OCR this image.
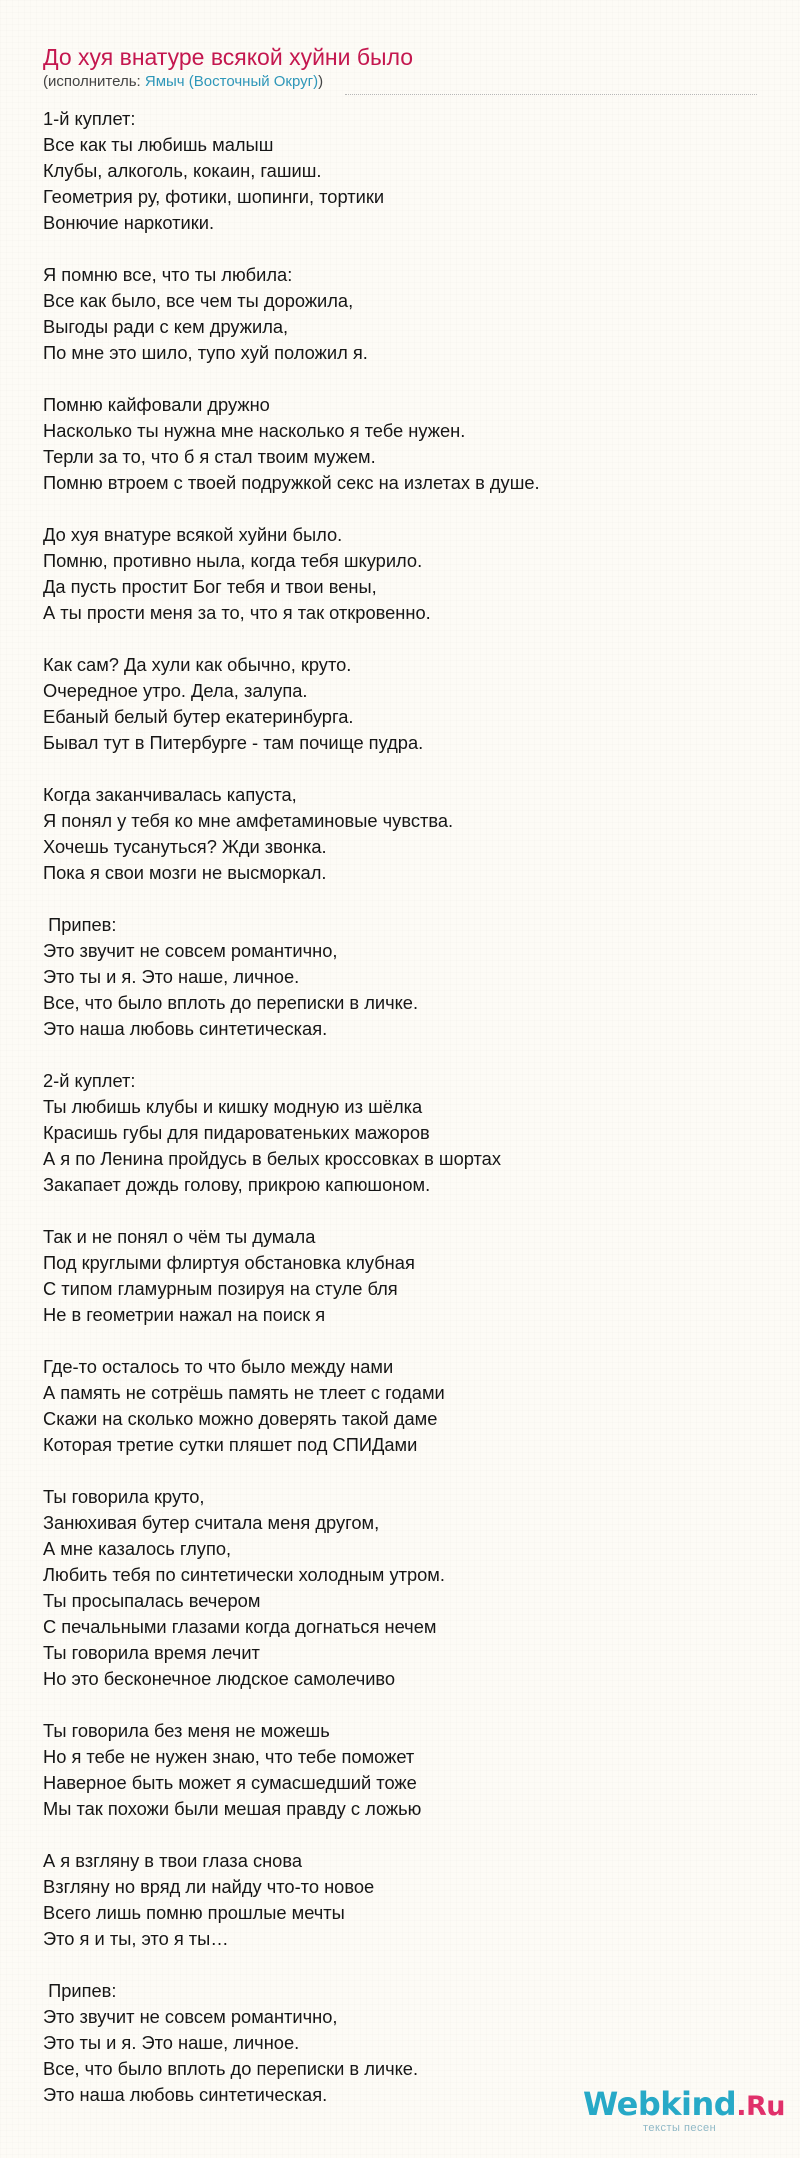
До хуя внатуре всякой хуйни было
(исполнитель: Ямыч (Восточный Округ))
1-й куплет:
Все как ты любишь малыш
Клубы, алкоголь, кокаин, гашиш.
Геометрия ру, фотики, шопинги, тортики
Вонючие наркотики.

Я помню все, что ты любила:
Все как было, все чем ты дорожила,
Выгоды ради с кем дружила,
По мне это шило, тупо хуй положил я.

Помню кайфовали дружно
Насколько ты нужна мне насколько я тебе нужен.
Терли за то, что б я стал твоим мужем.
Помню втроем с твоей подружкой секс на излетах в душе.

До хуя внатуре всякой хуйни было.
Помню, противно ныла, когда тебя шкурило.
Да пусть простит Бог тебя и твои вены,
А ты прости меня за то, что я так откровенно.

Как сам? Да хули как обычно, круто.
Очередное утро. Дела, залупа.
Ебаный белый бутер екатеринбурга.
Бывал тут в Питербурге - там почище пудра.

Когда заканчивалась капуста,
Я понял у тебя ко мне амфетаминовые чувства.
Хочешь тусануться? Жди звонка.
Пока я свои мозги не высморкал.

Припев:
Это звучит не совсем романтично,
Это ты и я. Это наше, личное.
Все, что было вплоть до переписки в личке.
Это наша любовь синтетическая.

2-й куплет:
Ты любишь клубы и кишку модную из шёлка
Красишь губы для пидароватеньких мажоров
А я по Ленина пройдусь в белых кроссовках в шортах
Закапает дождь голову, прикрою капюшоном.

Так и не понял о чём ты думала
Под круглыми флиртуя обстановка клубная
С типом гламурным позируя на стуле бля
Не в геометрии нажал на поиск я

Где-то осталось то что было между нами
А память не сотрёшь память не тлеет с годами
Скажи на сколько можно доверять такой даме
Которая третие сутки пляшет под СПИДами

Ты говорила круто,
Занюхивая бутер считала меня другом,
А мне казалось глупо,
Любить тебя по синтетически холодным утром.
Ты просыпалась вечером
С печальными глазами когда догнаться нечем
Ты говорила время лечит
Но это бесконечное людское самолечиво

Ты говорила без меня не можешь
Но я тебе не нужен знаю, что тебе поможет
Наверное быть может я сумасшедший тоже
Мы так похожи были мешая правду с ложью

А я взгляну в твои глаза снова
Взгляну но вряд ли найду что-то новое
Всего лишь помню прошлые мечты
Это я и ты, это я ты…

Припев:
Это звучит не совсем романтично,
Это ты и я. Это наше, личное.
Все, что было вплоть до переписки в личке.
Это наша любовь синтетическая.	Webkind.Ru
тексты песен
